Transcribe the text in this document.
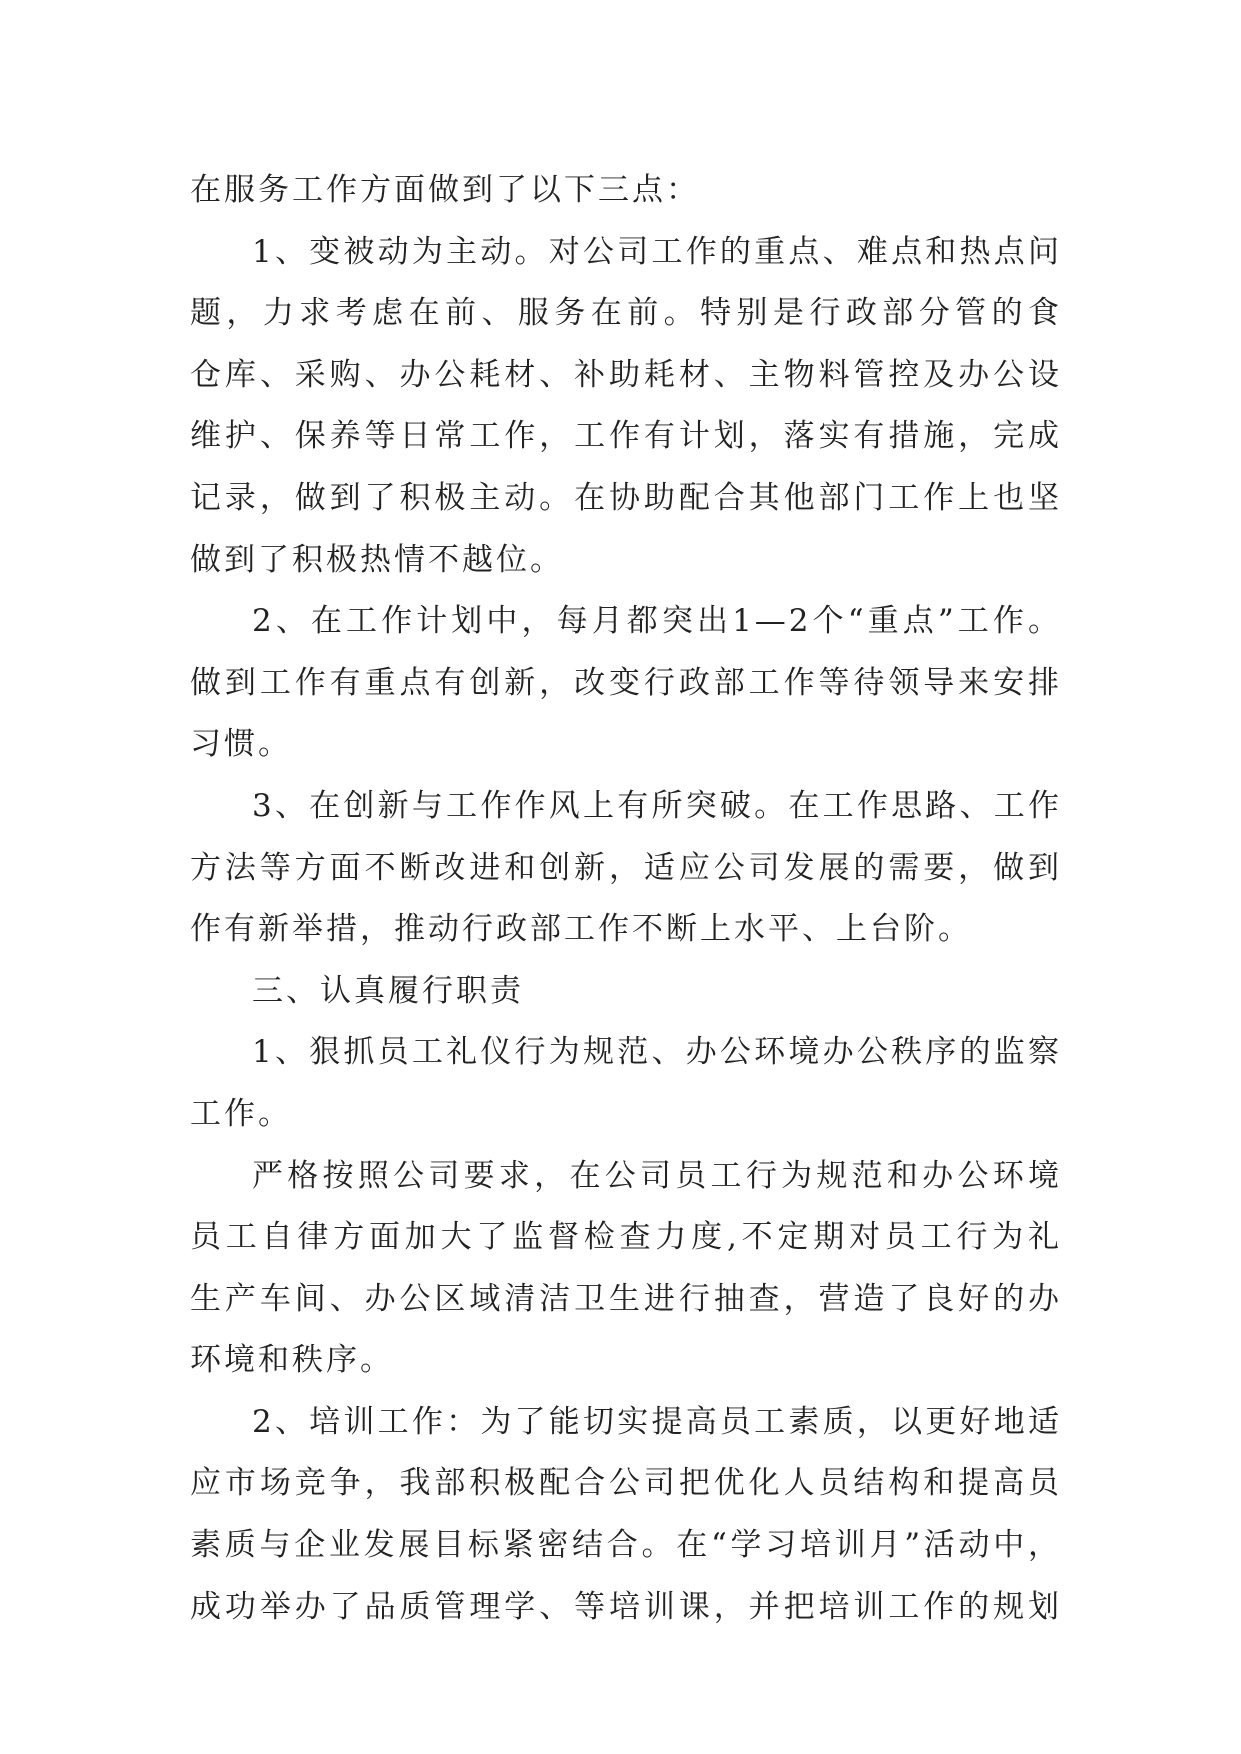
在服务工作方面做到了以下三点：
1、变被动为主动。对公司工作的重点、难点和热点问
题，力求考虑在前、服务在前。特别是行政部分管的食
仓库、采购、办公耗材、补助耗材、主物料管控及办公设
维护、保养等日常工作，工作有计划，落实有措施，完成
记录，做到了积极主动。在协助配合其他部门工作上也坚
做到了积极热情不越位。
2、在工作计划中，每月都突出1—2个“重点”工作。
做到工作有重点有创新，改变行政部工作等待领导来安排
习惯。
3、在创新与工作作风上有所突破。在工作思路、工作
方法等方面不断改进和创新，适应公司发展的需要，做到
作有新举措，推动行政部工作不断上水平、上台阶。
三、认真履行职责
1、狠抓员工礼仪行为规范、办公环境办公秩序的监察
工作。
严格按照公司要求，在公司员工行为规范和办公环境
员工自律方面加大了监督检查力度,不定期对员工行为礼
生产车间、办公区域清洁卫生进行抽查，营造了良好的办
环境和秩序。
2、培训工作：为了能切实提高员工素质，以更好地适
应市场竞争，我部积极配合公司把优化人员结构和提高员
素质与企业发展目标紧密结合。在“学习培训月”活动中，
成功举办了品质管理学、等培训课，并把培训工作的规划
